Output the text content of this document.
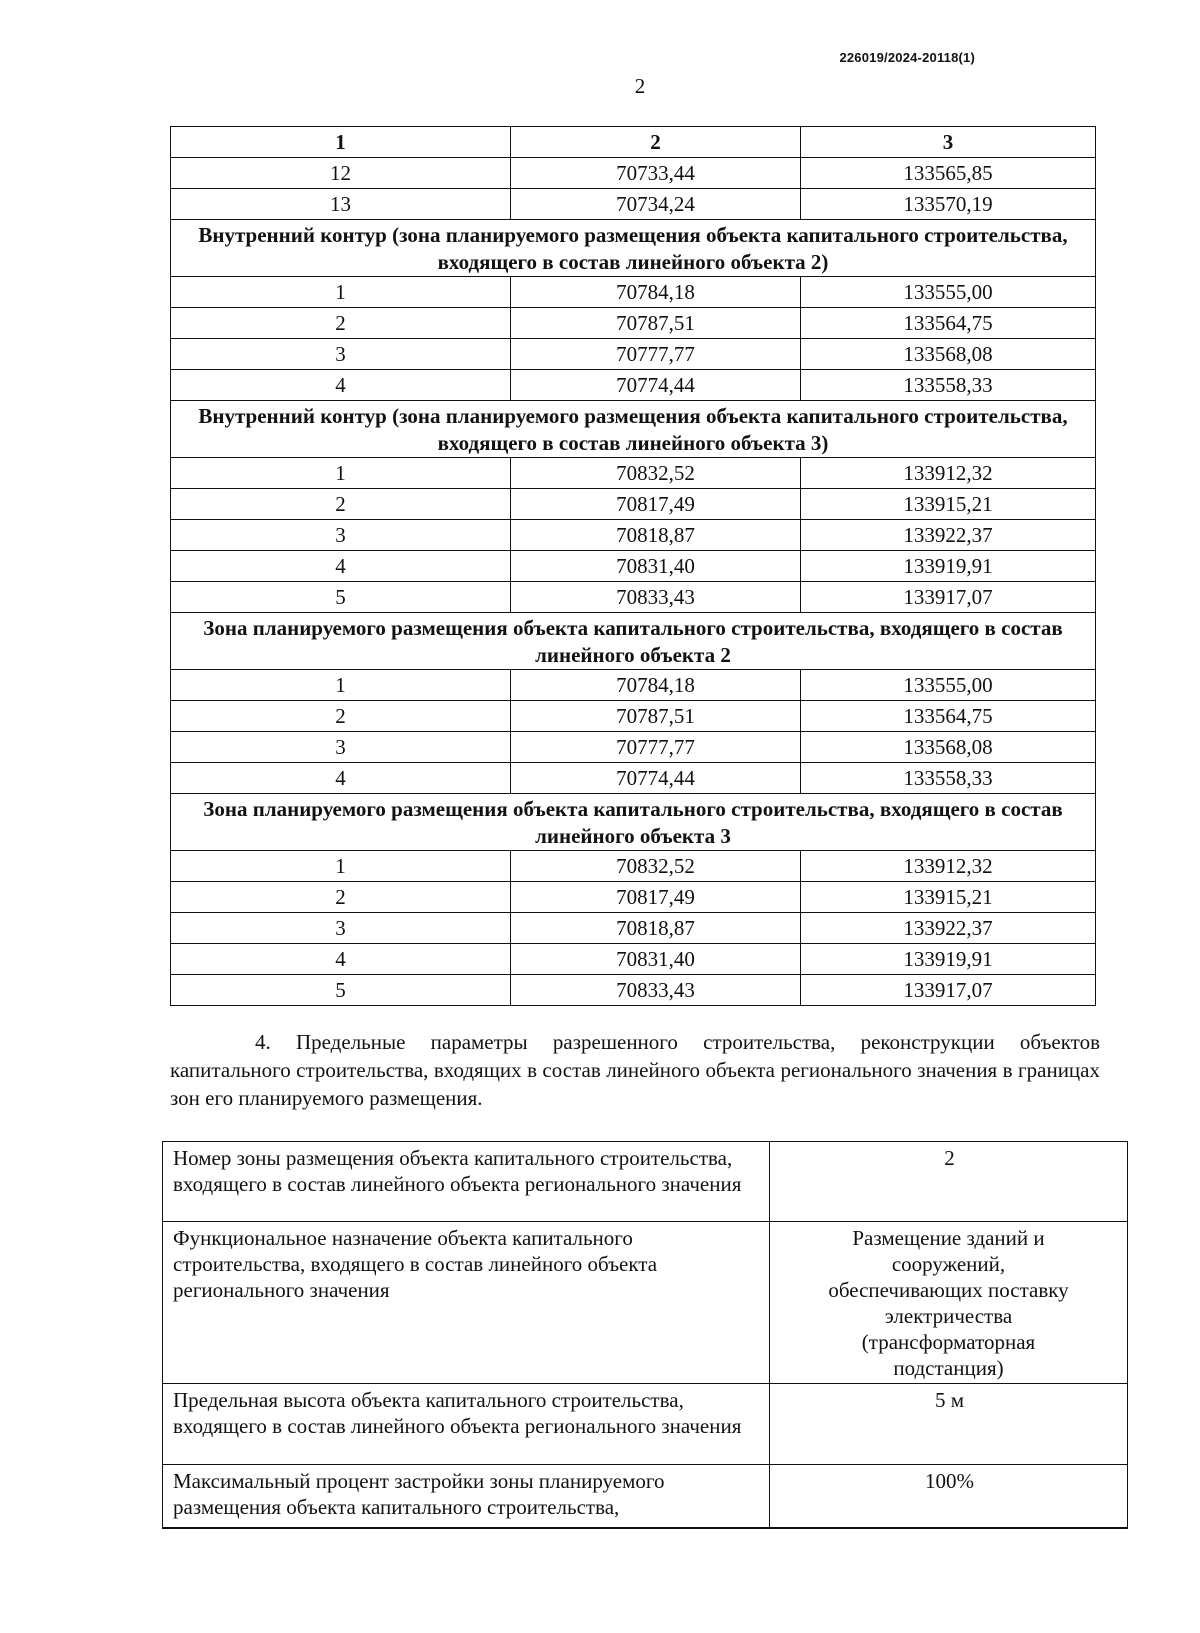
226019/2024-20118(1)
2
1	2	3
12	70733,44	133565,85
13	70734,24	133570,19
Внутренний контур (зона планируемого размещения объекта капитального строительства, входящего в состав линейного объекта 2)		
1	70784,18	133555,00
2	70787,51	133564,75
3	70777,77	133568,08
4	70774,44	133558,33
Внутренний контур (зона планируемого размещения объекта капитального строительства, входящего в состав линейного объекта 3)		
1	70832,52	133912,32
2	70817,49	133915,21
3	70818,87	133922,37
4	70831,40	133919,91
5	70833,43	133917,07
Зона планируемого размещения объекта капитального строительства, входящего в состав линейного объекта 2		
1	70784,18	133555,00
2	70787,51	133564,75
3	70777,77	133568,08
4	70774,44	133558,33
Зона планируемого размещения объекта капитального строительства, входящего в состав линейного объекта 3		
1	70832,52	133912,32
2	70817,49	133915,21
3	70818,87	133922,37
4	70831,40	133919,91
5	70833,43	133917,07
4. Предельные параметры разрешенного строительства, реконструкции объектов капитального строительства, входящих в состав линейного объекта регионального значения в границах зон его планируемого размещения.
Номер зоны размещения объекта капитального строительства, входящего в состав линейного объекта регионального значения	2
Функциональное назначение объекта капитального строительства, входящего в состав линейного объекта регионального значения	Размещение зданий и сооружений, обеспечивающих поставку электричества (трансформаторная подстанция)
Предельная высота объекта капитального строительства, входящего в состав линейного объекта регионального значения	5 м
Максимальный процент застройки зоны планируемого размещения объекта капитального строительства,	100%
